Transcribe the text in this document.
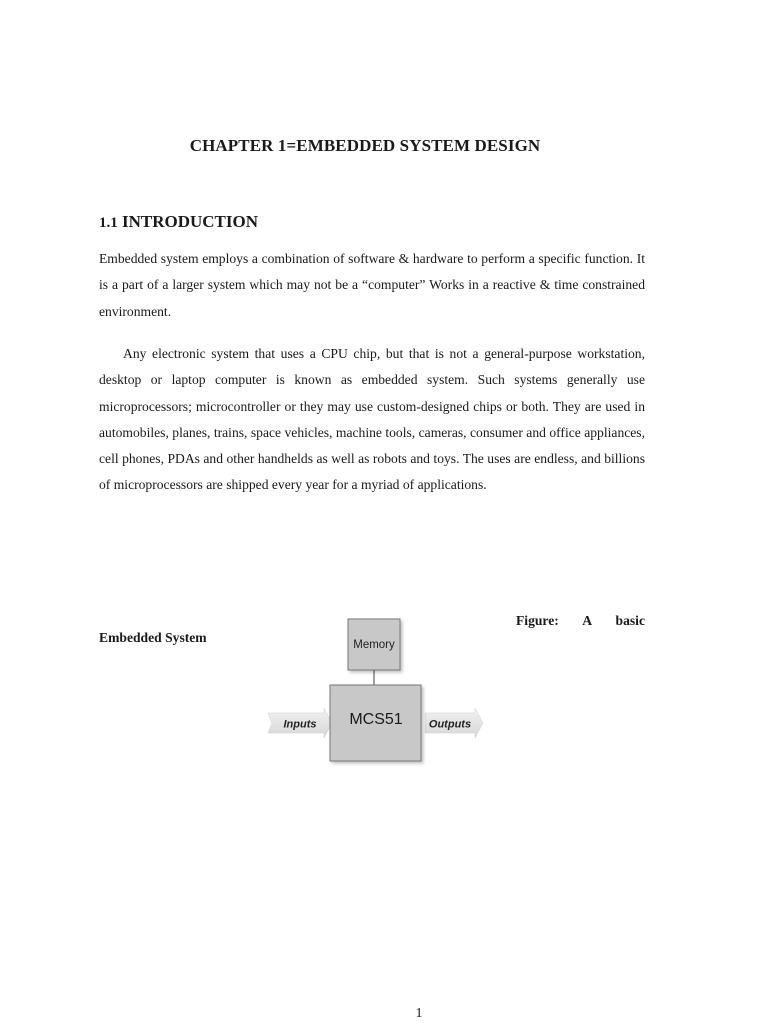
CHAPTER 1=EMBEDDED SYSTEM DESIGN
1.1 INTRODUCTION

Embedded system employs a combination of software & hardware to perform a specific function. It is a part of a larger system which may not be a “computer” Works in a reactive & time constrained environment.

Any electronic system that uses a CPU chip, but that is not a general-purpose workstation, desktop or laptop computer is known as embedded system. Such systems generally use microprocessors; microcontroller or they may use custom-designed chips or both. They are used in automobiles, planes, trains, space vehicles, machine tools, cameras, consumer and office appliances, cell phones, PDAs and other handhelds as well as robots and toys. The uses are endless, and billions of microprocessors are shipped every year for a myriad of applications.

Figure: A basic
Embedded System	Memory
Inputs	Outputs
MCS51
1
